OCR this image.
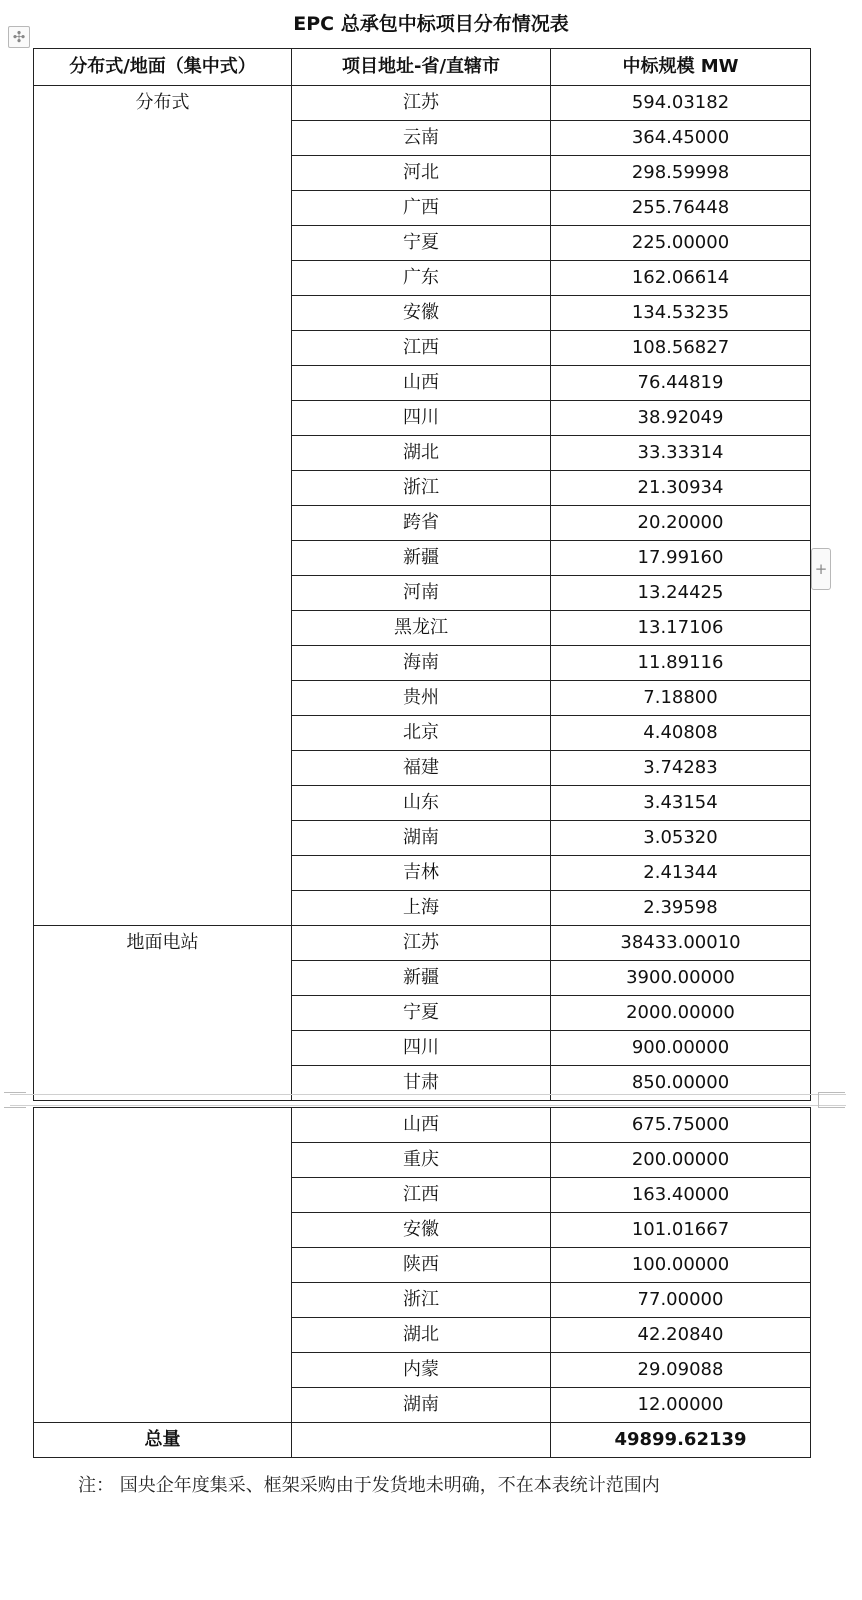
EPC 总承包中标项目分布情况表
✣
+
分布式/地面（集中式）	项目地址-省/直辖市	中标规模 MW
分布式	江苏	594.03182
	云南	364.45000
	河北	298.59998
	广西	255.76448
	宁夏	225.00000
	广东	162.06614
	安徽	134.53235
	江西	108.56827
	山西	76.44819
	四川	38.92049
	湖北	33.33314
	浙江	21.30934
	跨省	20.20000
	新疆	17.99160
	河南	13.24425
	黑龙江	13.17106
	海南	11.89116
	贵州	7.18800
	北京	4.40808
	福建	3.74283
	山东	3.43154
	湖南	3.05320
	吉林	2.41344
	上海	2.39598
地面电站	江苏	38433.00010
	新疆	3900.00000
	宁夏	2000.00000
	四川	900.00000
	甘肃	850.00000
	山西	675.75000
	重庆	200.00000
	江西	163.40000
	安徽	101.01667
	陕西	100.00000
	浙江	77.00000
	湖北	42.20840
	内蒙	29.09088
	湖南	12.00000
总量		49899.62139
注： 国央企年度集采、框架采购由于发货地未明确，不在本表统计范围内
